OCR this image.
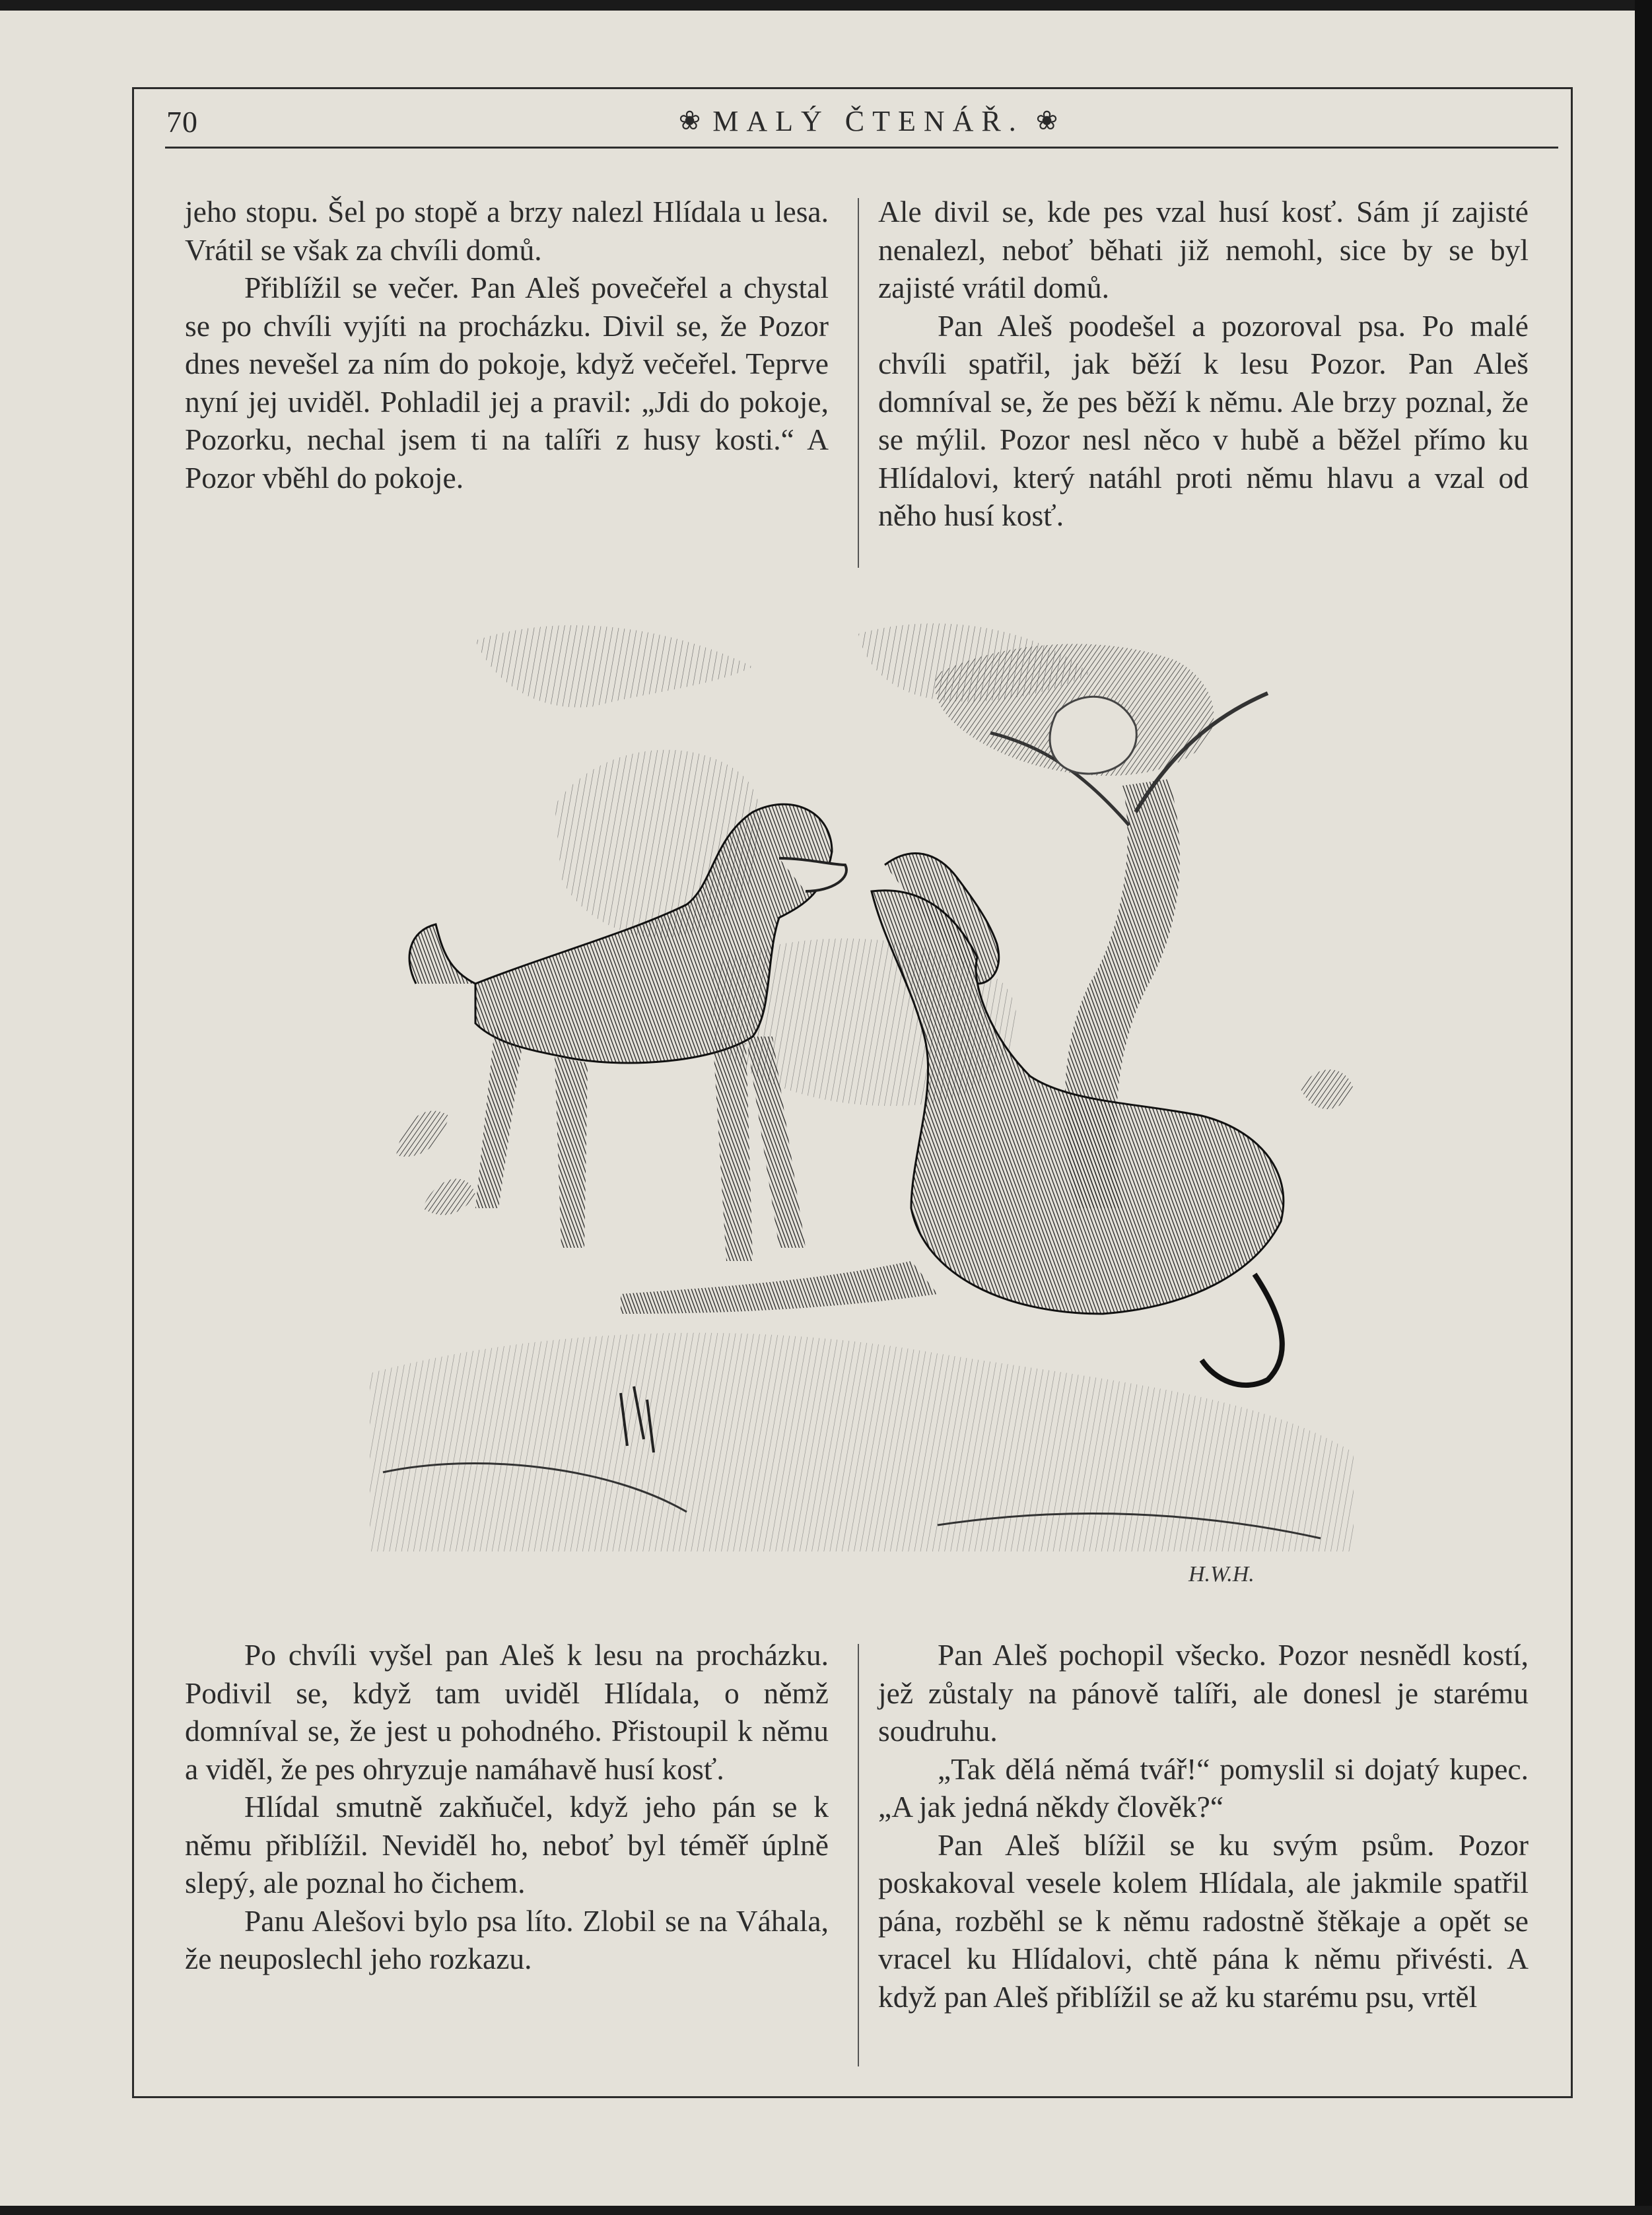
70	❀ MALÝ ČTENÁŘ. ❀

jeho stopu. Šel po stopě a brzy nalezl Hlídala u lesa. Vrátil se však za chvíli domů.

Přiblížil se večer. Pan Aleš povečeřel a chystal se po chvíli vyjíti na procházku. Divil se, že Pozor dnes nevešel za ním do pokoje, když večeřel. Teprve nyní jej uviděl. Pohladil jej a pravil: „Jdi do pokoje, Pozorku, nechal jsem ti na talíři z husy kosti.“ A Pozor vběhl do pokoje.

Ale divil se, kde pes vzal husí kosť. Sám jí zajisté nenalezl, neboť běhati již nemohl, sice by se byl zajisté vrátil domů.

Pan Aleš poodešel a pozoroval psa. Po malé chvíli spatřil, jak běží k lesu Pozor. Pan Aleš domníval se, že pes běží k němu. Ale brzy poznal, že se mýlil. Pozor nesl něco v hubě a běžel přímo ku Hlídalovi, který natáhl proti němu hlavu a vzal od něho husí kosť.

H.W.H.

Po chvíli vyšel pan Aleš k lesu na procházku. Podivil se, když tam uviděl Hlídala, o němž domníval se, že jest u pohodného. Přistoupil k němu a viděl, že pes ohryzuje namáhavě husí kosť.

Hlídal smutně zakňučel, když jeho pán se k němu přiblížil. Neviděl ho, neboť byl téměř úplně slepý, ale poznal ho čichem.

Panu Alešovi bylo psa líto. Zlobil se na Váhala, že neuposlechl jeho rozkazu.

Pan Aleš pochopil všecko. Pozor nesnědl kostí, jež zůstaly na pánově talíři, ale donesl je starému soudruhu.

„Tak dělá němá tvář!“ pomyslil si dojatý kupec. „A jak jedná někdy člověk?“

Pan Aleš blížil se ku svým psům. Pozor poskakoval vesele kolem Hlídala, ale jakmile spatřil pána, rozběhl se k němu radostně štěkaje a opět se vracel ku Hlídalovi, chtě pána k němu přivésti. A když pan Aleš přiblížil se až ku starému psu, vrtěl
